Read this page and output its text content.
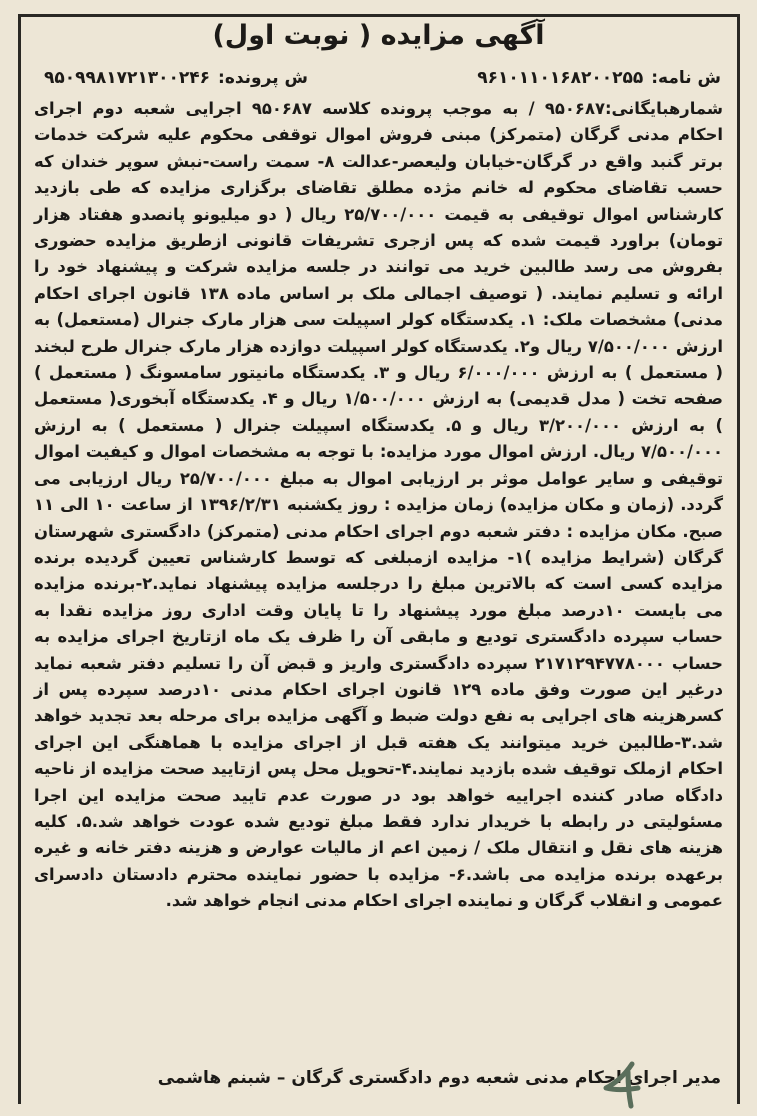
آگهی مزایده ( نوبت اول)
ش نامه:۹۶۱۰۱۱۰۱۶۸۲۰۰۲۵۵
ش پرونده:۹۵۰۹۹۸۱۷۲۱۳۰۰۲۴۶

شمارهبایگانی:۹۵۰۶۸۷ / به موجب پرونده کلاسه ۹۵۰۶۸۷ اجرایی شعبه دوم اجرای احکام مدنی گرگان (متمرکز) مبنی فروش اموال توقفی محکوم علیه شرکت خدمات برتر گنبد واقع در گرگان-خیابان ولیعصر-عدالت ۸- سمت راست-نبش سوپر خندان که حسب تقاضای محکوم له خانم مژده مطلق تقاضای برگزاری مزایده که طی بازدید کارشناس اموال توقیفی به قیمت ۲۵/۷۰۰/۰۰۰ ریال ( دو میلیونو پانصدو هفتاد هزار تومان) براورد قیمت شده که پس ازجری تشریفات قانونی ازطریق مزایده حضوری بفروش می رسد طالبین خرید می توانند در جلسه مزایده شرکت و پیشنهاد خود را ارائه و تسلیم نمایند. ( توصیف اجمالی ملک بر اساس ماده ۱۳۸ قانون اجرای احکام مدنی) مشخصات ملک: ۱. یکدستگاه کولر اسپیلت سی هزار مارک جنرال (مستعمل) به ارزش ۷/۵۰۰/۰۰۰ ریال و۲. یکدستگاه کولر اسپیلت دوازده هزار مارک جنرال طرح لبخند ( مستعمل ) به ارزش ۶/۰۰۰/۰۰۰ ریال و ۳. یکدستگاه مانیتور سامسونگ ( مستعمل ) صفحه تخت ( مدل قدیمی) به ارزش ۱/۵۰۰/۰۰۰ ریال و ۴. یکدستگاه آبخوری( مستعمل ) به ارزش ۳/۲۰۰/۰۰۰ ریال و ۵. یکدستگاه اسپیلت جنرال ( مستعمل ) به ارزش ۷/۵۰۰/۰۰۰ ریال. ارزش اموال مورد مزایده: با توجه به مشخصات اموال و کیفیت اموال توقیفی و سایر عوامل موثر بر ارزیابی اموال به مبلغ ۲۵/۷۰۰/۰۰۰ ریال ارزیابی می گردد. (زمان و مکان مزایده) زمان مزایده : روز یکشنبه ۱۳۹۶/۲/۳۱ از ساعت ۱۰ الی ۱۱ صبح. مکان مزایده : دفتر شعبه دوم اجرای احکام مدنی (متمرکز) دادگستری شهرستان گرگان (شرایط مزایده )۱- مزایده ازمبلغی که توسط کارشناس تعیین گردیده برنده مزایده کسی است که بالاترین مبلغ را درجلسه مزایده پیشنهاد نماید.۲-برنده مزایده می بایست ۱۰درصد مبلغ مورد پیشنهاد را تا پایان وقت اداری روز مزایده نقدا به حساب سپرده دادگستری تودیع و مابقی آن را ظرف یک ماه ازتاریخ اجرای مزایده به حساب ۲۱۷۱۲۹۴۷۷۸۰۰۰ سپرده دادگستری واریز و قبض آن را تسلیم دفتر شعبه نماید درغیر این صورت وفق ماده ۱۲۹ قانون اجرای احکام مدنی ۱۰درصد سپرده پس از کسرهزینه های اجرایی به نفع دولت ضبط و آگهی مزایده برای مرحله بعد تجدید خواهد شد.۳-طالبین خرید میتوانند یک هفته قبل از اجرای مزایده با هماهنگی این اجرای احکام ازملک توقیف شده بازدید نمایند.۴-تحویل محل پس ازتایید صحت مزایده از ناحیه دادگاه صادر کننده اجراییه خواهد بود در صورت عدم تایید صحت مزایده این اجرا مسئولیتی در رابطه با خریدار ندارد فقط مبلغ تودیع شده عودت خواهد شد.۵. کلیه هزینه های نقل و انتقال ملک / زمین اعم از مالیات عوارض و هزینه دفتر خانه و غیره برعهده برنده مزایده می باشد.۶- مزایده با حضور نماینده محترم دادستان دادسرای عمومی و انقلاب گرگان و نماینده اجرای احکام مدنی انجام خواهد شد.

مدیر اجرای احکام مدنی شعبه دوم دادگستری گرگان – شبنم هاشمی
